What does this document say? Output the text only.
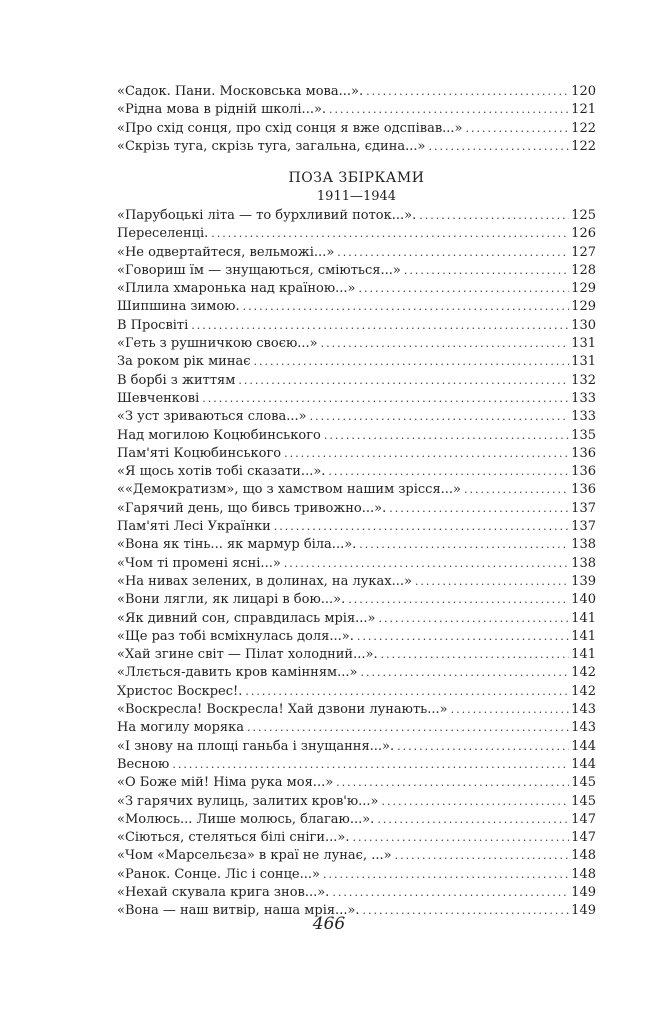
«Садок. Пани. Московська мова...». .....	120
«Рідна мова в рідній школі...». .....	121
«Про схід сонця, про схід сонця я вже одспівав...» .....	122
«Скрізь туга, скрізь туга, загальна, єдина...» .....	122
ПОЗА ЗБІРКАМИ
1911—1944
«Парубоцькі літа — то бурхливий поток...». .....	125
Переселенці. .....	126
«Не одвертайтеся, вельможі...» .....	127
«Говориш їм — знущаються, сміються...» .....	128
«Плила хмаронька над країною...» .....	129
Шипшина зимою. .....	129
В Просвіті .....	130
«Геть з рушничкою своєю...» .....	131
За роком рік минає .....	131
В борбі з життям .....	132
Шевченкові .....	133
«З уст зриваються слова...» .....	133
Над могилою Коцюбинського .....	135
Пам'яті Коцюбинського .....	136
«Я щось хотів тобі сказати...». .....	136
««Демократизм», що з хамством нашим зрісся...» .....	136
«Гарячий день, що бивсь тривожно...». .....	137
Пам'яті Лесі Українки .....	137
«Вона як тінь... як мармур біла...». .....	138
«Чом ті промені ясні...» .....	138
«На нивах зелених, в долинах, на луках...» .....	139
«Вони лягли, як лицарі в бою...». .....	140
«Як дивний сон, справдилась мрія...» .....	141
«Ще раз тобі всміхнулась доля...». .....	141
«Хай згине світ — Пілат холодний...». .....	141
«Ллється-давить кров камінням...» .....	142
Христос Воскрес!. .....	142
«Воскресла! Воскресла! Хай дзвони лунають...» .....	143
На могилу моряка .....	143
«І знову на площі ганьба і знущання...». .....	144
Весною .....	144
«О Боже мій! Німа рука моя...» .....	145
«З гарячих вулиць, залитих кров'ю...» .....	145
«Молюсь... Лише молюсь, благаю...». .....	147
«Сіються, стеляться білі сніги...». .....	147
«Чом «Марсельєза» в краї не лунає, ...» .....	148
«Ранок. Сонце. Ліс і сонце...» .....	148
«Нехай скувала крига знов...». .....	149
«Вона — наш витвір, наша мрія...». .....	149
466
